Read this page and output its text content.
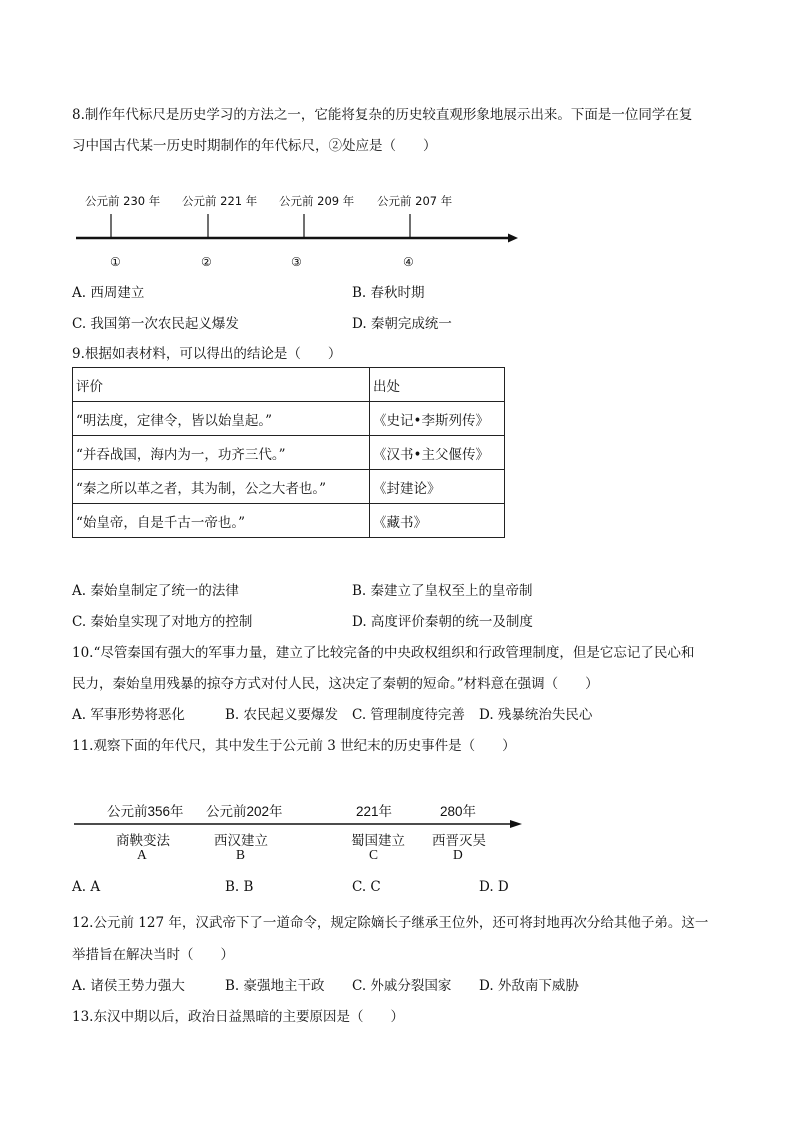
8.制作年代标尺是历史学习的方法之一，它能将复杂的历史较直观形象地展示出来。下面是一位同学在复
习中国古代某一历史时期制作的年代标尺，②处应是（　　）
公元前 230 年 公元前 221 年 公元前 209 年 公元前 207 年
①	②	③	④
A. 西周建立	B. 春秋时期
C. 我国第一次农民起义爆发	D. 秦朝完成统一
9.根据如表材料，可以得出的结论是（　　）
评价	出处
“明法度，定律令，皆以始皇起。”	《史记•李斯列传》
“并吞战国，海内为一，功齐三代。”	《汉书•主父偃传》
“秦之所以革之者，其为制，公之大者也。”	《封建论》
“始皇帝，自是千古一帝也。”	《藏书》
A. 秦始皇制定了统一的法律	B. 秦建立了皇权至上的皇帝制
C. 秦始皇实现了对地方的控制	D. 高度评价秦朝的统一及制度
10.“尽管秦国有强大的军事力量，建立了比较完备的中央政权组织和行政管理制度，但是它忘记了民心和
民力，秦始皇用残暴的掠夺方式对付人民，这决定了秦朝的短命。”材料意在强调（　　）
A. 军事形势将恶化	B. 农民起义要爆发 C. 管理制度待完善 D. 残暴统治失民心
11.观察下面的年代尺，其中发生于公元前 3 世纪末的历史事件是（　　）
公元前356年 公元前202年	221年	280年
商鞅变法	西汉建立	蜀国建立 西晋灭吴
A	B	C	D
A. A	B. B	C. C	D. D
12.公元前 127 年，汉武帝下了一道命令，规定除嫡长子继承王位外，还可将封地再次分给其他子弟。这一
举措旨在解决当时（　　）
A. 诸侯王势力强大	B. 豪强地主干政 C. 外戚分裂国家 D. 外敌南下威胁
13.东汉中期以后，政治日益黑暗的主要原因是（　　）
